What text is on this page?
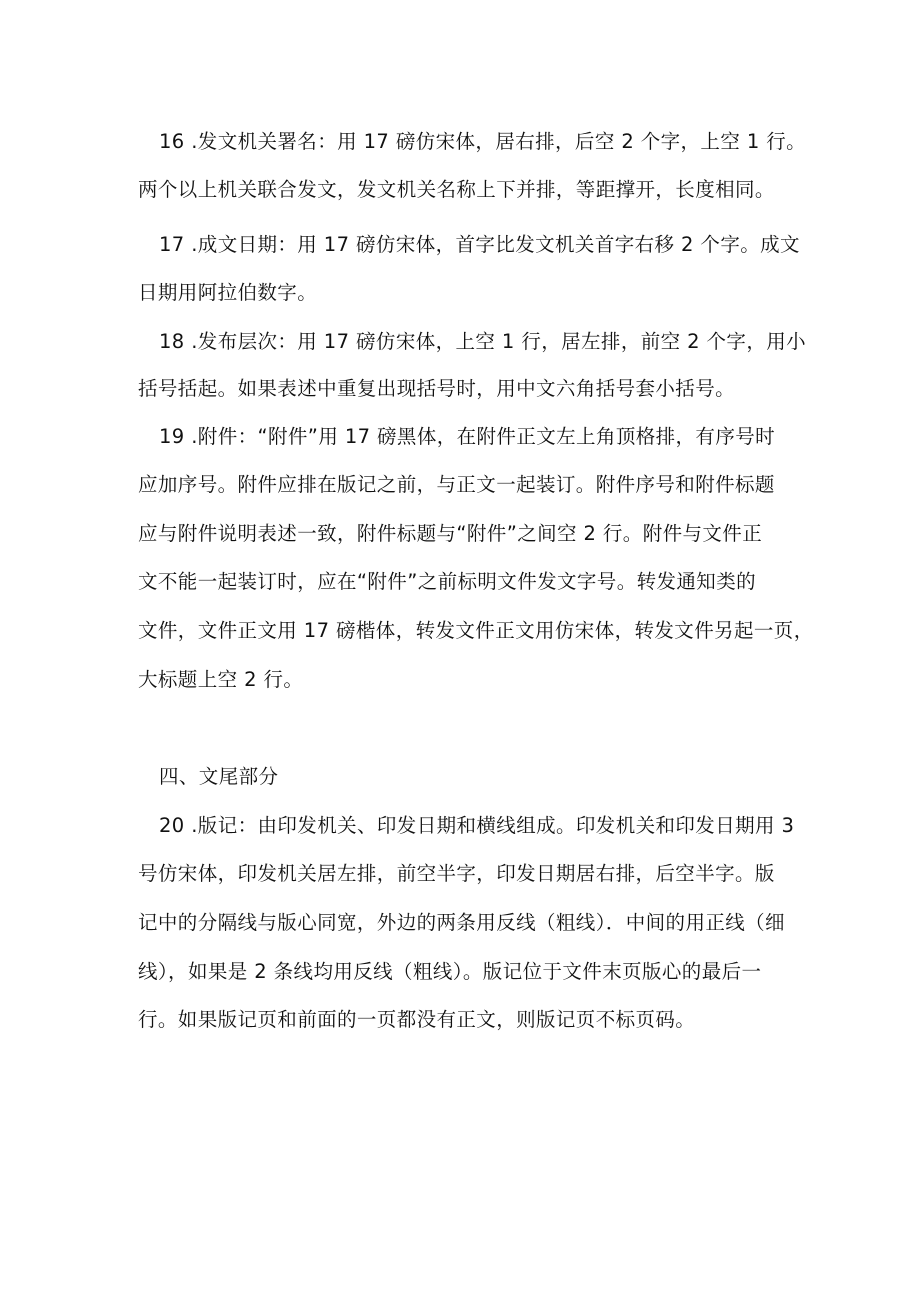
16 .发文机关署名：用 17 磅仿宋体，居右排，后空 2 个字，上空 1 行。
两个以上机关联合发文，发文机关名称上下并排，等距撑开，长度相同。
17 .成文日期：用 17 磅仿宋体，首字比发文机关首字右移 2 个字。成文
日期用阿拉伯数字。
18 .发布层次：用 17 磅仿宋体，上空 1 行，居左排，前空 2 个字，用小
括号括起。如果表述中重复出现括号时，用中文六角括号套小括号。
19 .附件：“附件”用 17 磅黑体，在附件正文左上角顶格排，有序号时
应加序号。附件应排在版记之前，与正文一起装订。附件序号和附件标题
应与附件说明表述一致，附件标题与“附件”之间空 2 行。附件与文件正
文不能一起装订时，应在“附件”之前标明文件发文字号。转发通知类的
文件，文件正文用 17 磅楷体，转发文件正文用仿宋体，转发文件另起一页，
大标题上空 2 行。
四、文尾部分
20 .版记：由印发机关、印发日期和横线组成。印发机关和印发日期用 3
号仿宋体，印发机关居左排，前空半字，印发日期居右排，后空半字。版
记中的分隔线与版心同宽，外边的两条用反线（粗线）．中间的用正线（细
线），如果是 2 条线均用反线（粗线）。版记位于文件末页版心的最后一
行。如果版记页和前面的一页都没有正文，则版记页不标页码。
